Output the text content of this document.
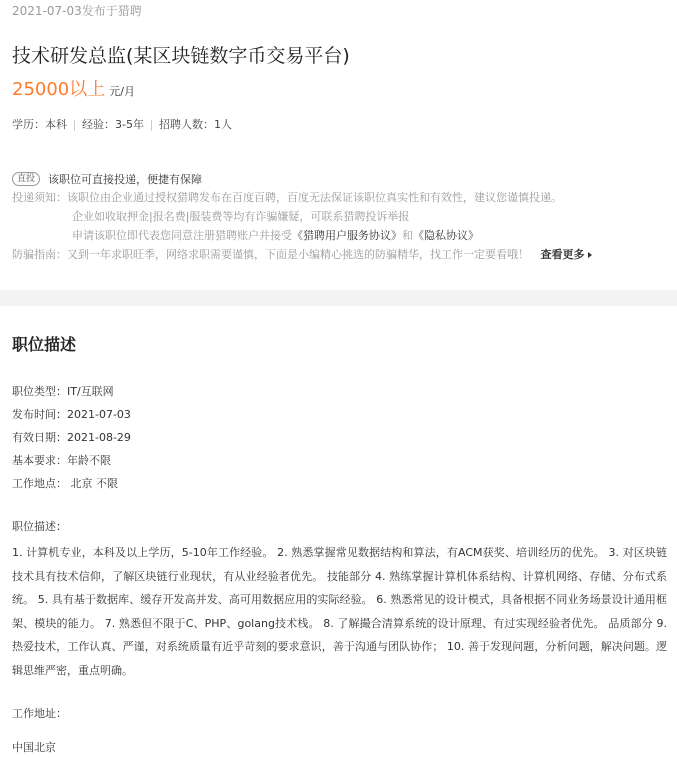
2021-07-03发布于猎聘
技术研发总监(某区块链数字币交易平台)
25000以上 元/月
学历：本科 经验：3-5年 招聘人数：1人
直投	该职位可直接投递，便捷有保障
投递须知：该职位由企业通过授权猎聘发布在百度百聘，百度无法保证该职位真实性和有效性，建议您谨慎投递。
企业如收取押金|报名费|服装费等均有诈骗嫌疑，可联系猎聘投诉举报
申请该职位即代表您同意注册猎聘账户并接受《猎聘用户服务协议》和《隐私协议》
防骗指南：又到一年求职旺季，网络求职需要谨慎，下面是小编精心挑选的防骗精华，找工作一定要看哦！ 查看更多
职位描述
职位类型：IT/互联网
发布时间：2021-07-03
有效日期：2021-08-29
基本要求：年龄不限
工作地点： 北京 不限
职位描述：
1. 计算机专业，本科及以上学历，5-10年工作经验。 2. 熟悉掌握常见数据结构和算法，有ACM获奖、培训经历的优先。 3. 对区块链技术具有技术信仰，了解区块链行业现状，有从业经验者优先。 技能部分 4. 熟练掌握计算机体系结构、计算机网络、存储、分布式系统。 5. 具有基于数据库、缓存开发高并发、高可用数据应用的实际经验。 6. 熟悉常见的设计模式，具备根据不同业务场景设计通用框架、模块的能力。 7. 熟悉但不限于C、PHP、golang技术栈。 8. 了解撮合清算系统的设计原理、有过实现经验者优先。 品质部分 9. 热爱技术，工作认真、严谨，对系统质量有近乎苛刻的要求意识，善于沟通与团队协作； 10. 善于发现问题，分析问题，解决问题。逻辑思维严密，重点明确。
工作地址：
中国北京
